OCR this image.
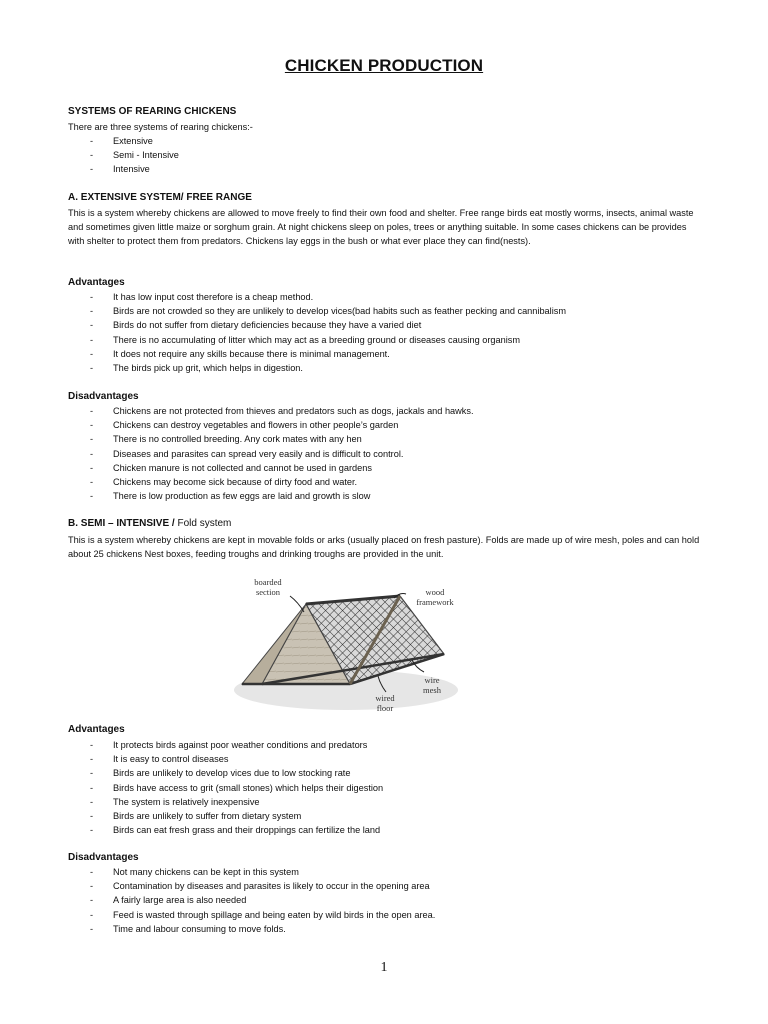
CHICKEN PRODUCTION
SYSTEMS OF REARING CHICKENS
There are three systems of rearing chickens:-
- Extensive
- Semi - Intensive
- Intensive
A. EXTENSIVE SYSTEM/ FREE RANGE
This is a system whereby chickens are allowed to move freely to find their own food and shelter. Free range birds eat mostly worms, insects, animal waste and sometimes given little maize or sorghum grain. At night chickens sleep on poles, trees or anything suitable. In some cases chickens can be provides with shelter to protect them from predators. Chickens lay eggs in the bush or what ever place they can find(nests).
Advantages
- It has low input cost therefore is a cheap method.
- Birds are not crowded so they are unlikely to develop vices(bad habits such as feather pecking and cannibalism
- Birds do not suffer from dietary deficiencies because they have a varied diet
- There is no accumulating of litter which may act as a breeding ground or diseases causing organism
- It does not require any skills because there is minimal management.
- The birds pick up grit, which helps in digestion.
Disadvantages
- Chickens are not protected from thieves and predators such as dogs, jackals and hawks.
- Chickens can destroy vegetables and flowers in other people’s garden
- There is no controlled breeding. Any cork mates with any hen
- Diseases and parasites can spread very easily and is difficult to control.
- Chicken manure is not collected and cannot be used in gardens
- Chickens may become sick because of dirty food and water.
- There is low production as few eggs are laid and growth is slow
B. SEMI – INTENSIVE / Fold system
This is a system whereby chickens are kept in movable folds or arks (usually placed on fresh pasture). Folds are made up of wire mesh, poles and can hold about 25 chickens Nest boxes, feeding troughs and drinking troughs are provided in the unit.
boarded
section	wood
framework
wire
mesh
wired
floor
Advantages
- It protects birds against poor weather conditions and predators
- It is easy to control diseases
- Birds are unlikely to develop vices due to low stocking rate
- Birds have access to grit (small stones) which helps their digestion
- The system is relatively inexpensive
- Birds are unlikely to suffer from dietary system
- Birds can eat fresh grass and their droppings can fertilize the land
Disadvantages
- Not many chickens can be kept in this system
- Contamination by diseases and parasites is likely to occur in the opening area
- A fairly large area is also needed
- Feed is wasted through spillage and being eaten by wild birds in the open area.
- Time and labour consuming to move folds.
1
